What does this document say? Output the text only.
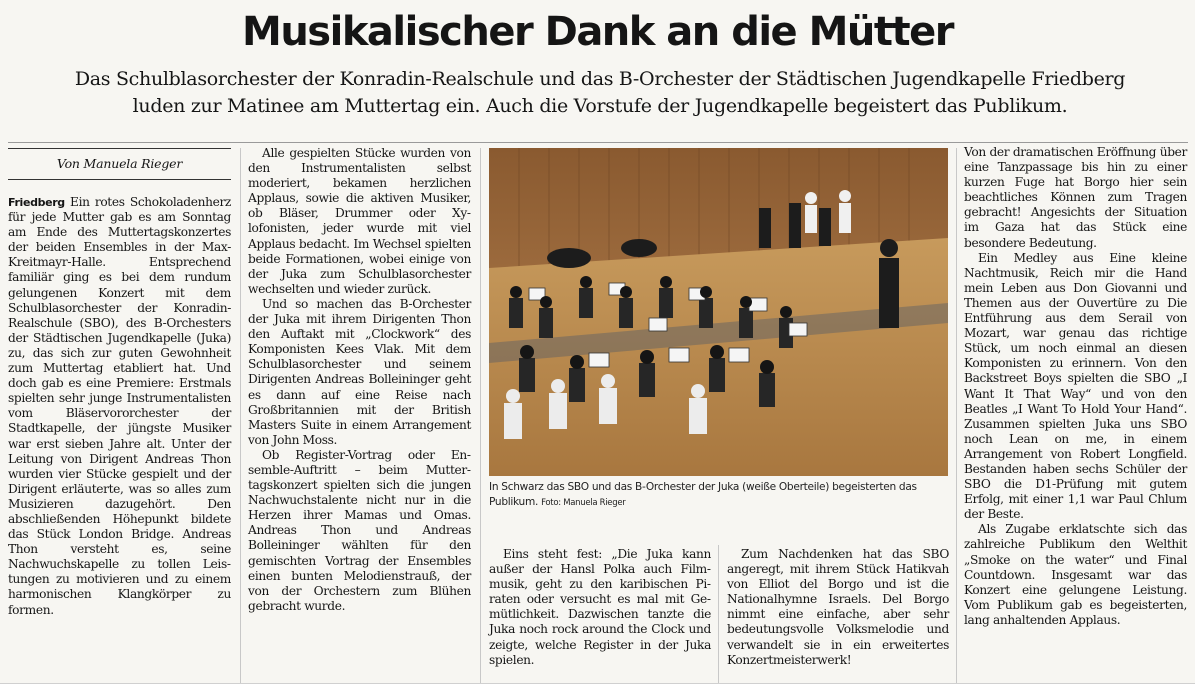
Musikalischer Dank an die Mütter
Das Schulblasorchester der Konradin-Realschule und das B-Orchester der Städtischen Jugendkapelle Friedberg
luden zur Matinee am Muttertag ein. Auch die Vorstufe der Jugendkapelle begeistert das Publikum.
Von Manuela Rieger

Friedberg Ein rotes Schokoladenherz für jede Mutter gab es am Sonntag am Ende des Muttertagskonzertes der beiden Ensembles in der Max-Kreitmayr-Halle. Entsprechend familiär ging es bei dem rundum gelungenen Konzert mit dem Schulblasorchester der Konradin-Realschule (SBO), des B-Orchesters der Städtischen Jugendkapelle (Juka) zu, das sich zur guten Gewohnheit zum Muttertag etabliert hat. Und doch gab es eine Premiere: Erstmals spielten sehr junge Instrumentalisten vom Bläservororchester der Stadtkapelle, der jüngste Musiker war erst sieben Jahre alt. Unter der Leitung von Dirigent Andreas Thon wurden vier Stücke gespielt und der Dirigent erläuterte, was so alles zum Musizieren dazugehört. Den abschließenden Höhepunkt bildete das Stück London Bridge. Andreas Thon versteht es, seine Nachwuchskapelle zu tollen Leistungen zu motivieren und zu einem harmonischen Klangkörper zu formen.

Alle gespielten Stücke wurden von den Instrumentalisten selbst moderiert, bekamen herzlichen Applaus, sowie die aktiven Musiker, ob Bläser, Drummer oder Xylofonisten, jeder wurde mit viel Applaus bedacht. Im Wechsel spielten beide Formationen, wobei einige von der Juka zum Schulblasorchester wechselten und wieder zurück.

Und so machen das B-Orchester der Juka mit ihrem Dirigenten Thon den Auftakt mit „Clockwork“ des Komponisten Kees Vlak. Mit dem Schulblasorchester und seinem Dirigenten Andreas Bolleininger geht es dann auf eine Reise nach Großbritannien mit der British Masters Suite in einem Arrangement von John Moss.

Ob Register-Vortrag oder Ensemble-Auftritt – beim Muttertagskonzert spielten sich die jungen Nachwuchstalente nicht nur in die Herzen ihrer Mamas und Omas. Andreas Thon und Andreas Bolleininger wählten für den gemischten Vortrag der Ensembles einen bunten Melodienstrauß, der von der Orchestern zum Blühen gebracht wurde.

In Schwarz das SBO und das B-Orchester der Juka (weiße Oberteile) begeisterten das Publikum. Foto: Manuela Rieger

Eins steht fest: „Die Juka kann außer der Hansl Polka auch Filmmusik, geht zu den karibischen Piraten oder versucht es mal mit Gemütlichkeit. Dazwischen tanzte die Juka noch rock around the Clock und zeigte, welche Register in der Juka spielen.

Zum Nachdenken hat das SBO angeregt, mit ihrem Stück Hatikvah von Elliot del Borgo und ist die Nationalhymne Israels. Del Borgo nimmt eine einfache, aber sehr bedeutungsvolle Volksmelodie und verwandelt sie in ein erweitertes Konzertmeisterwerk!

Von der dramatischen Eröffnung über eine Tanzpassage bis hin zu einer kurzen Fuge hat Borgo hier sein beachtliches Können zum Tragen gebracht! Angesichts der Situation im Gaza hat das Stück eine besondere Bedeutung.

Ein Medley aus Eine kleine Nachtmusik, Reich mir die Hand mein Leben aus Don Giovanni und Themen aus der Ouvertüre zu Die Entführung aus dem Serail von Mozart, war genau das richtige Stück, um noch einmal an diesen Komponisten zu erinnern. Von den Backstreet Boys spielten die SBO „I Want It That Way“ und von den Beatles „I Want To Hold Your Hand“. Zusammen spielten Juka uns SBO noch Lean on me, in einem Arrangement von Robert Longfield. Bestanden haben sechs Schüler der SBO die D1-Prüfung mit gutem Erfolg, mit einer 1,1 war Paul Chlum der Beste.

Als Zugabe erklatschte sich das zahlreiche Publikum den Welthit „Smoke on the water“ und Final Countdown. Insgesamt war das Konzert eine gelungene Leistung. Vom Publikum gab es begeisterten, lang anhaltenden Applaus.
